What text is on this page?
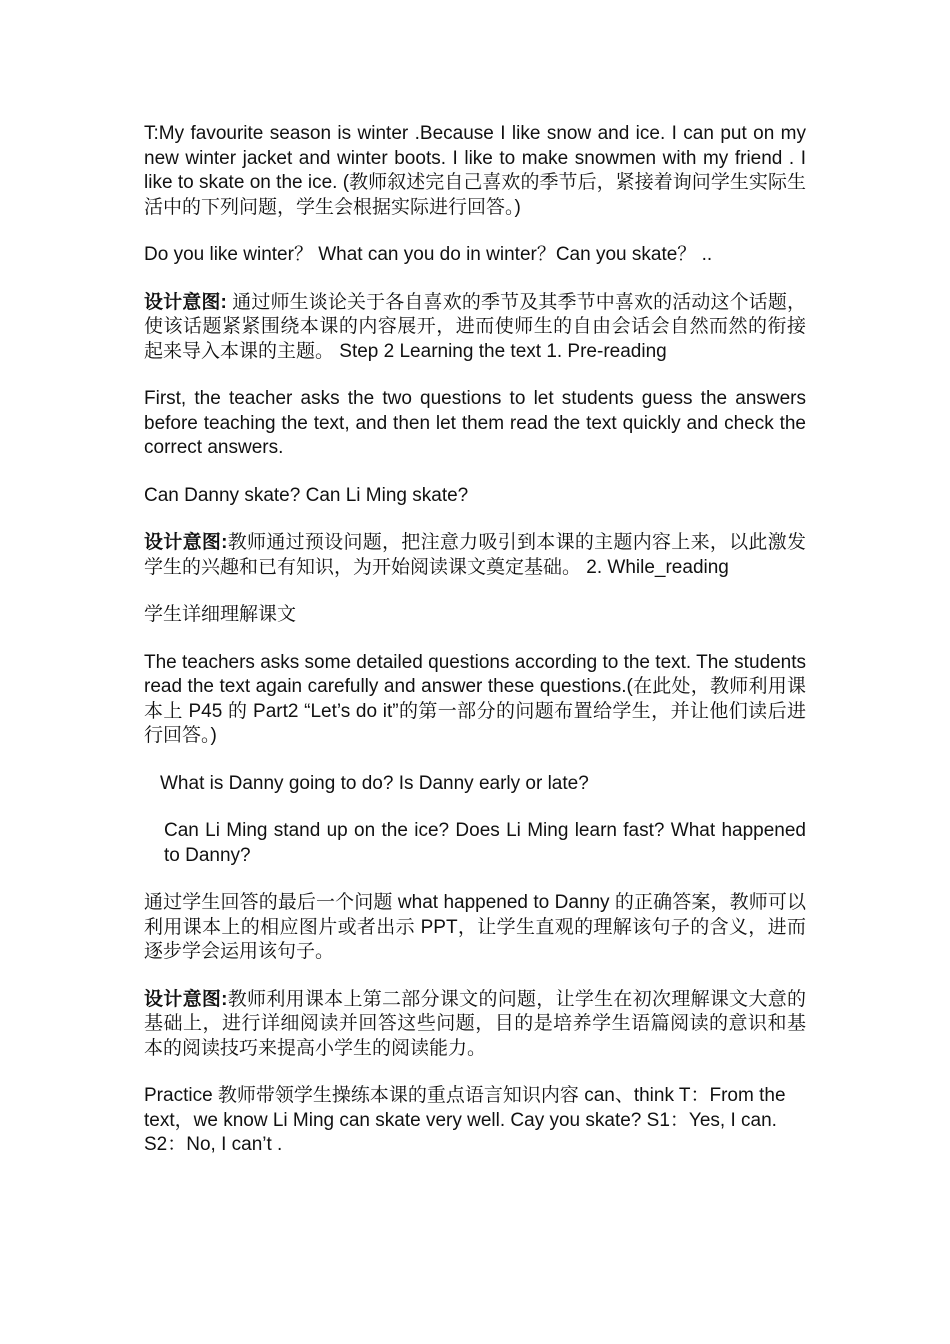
T:My favourite season is winter .Because I like snow and ice. I can put on my new winter jacket and winter boots. I like to make snowmen with my friend . I like to skate on the ice. (教师叙述完自己喜欢的季节后，紧接着询问学生实际生活中的下列问题，学生会根据实际进行回答。)

Do you like winter？ What can you do in winter？Can you skate？ ..

设计意图: 通过师生谈论关于各自喜欢的季节及其季节中喜欢的活动这个话题，使该话题紧紧围绕本课的内容展开，进而使师生的自由会话会自然而然的衔接起来导入本课的主题。 Step 2 Learning the text 1. Pre-reading

First, the teacher asks the two questions to let students guess the answers before teaching the text, and then let them read the text quickly and check the correct answers.

Can Danny skate? Can Li Ming skate?

设计意图:教师通过预设问题，把注意力吸引到本课的主题内容上来，以此激发学生的兴趣和已有知识，为开始阅读课文奠定基础。 2. While_reading

学生详细理解课文

The teachers asks some detailed questions according to the text. The students read the text again carefully and answer these questions.(在此处，教师利用课本上 P45 的 Part2 “Let’s do it”的第一部分的问题布置给学生，并让他们读后进行回答。)

What is Danny going to do? Is Danny early or late?

Can Li Ming stand up on the ice? Does Li Ming learn fast? What happened to Danny?

通过学生回答的最后一个问题 what happened to Danny 的正确答案，教师可以利用课本上的相应图片或者出示 PPT，让学生直观的理解该句子的含义，进而逐步学会运用该句子。

设计意图:教师利用课本上第二部分课文的问题，让学生在初次理解课文大意的基础上，进行详细阅读并回答这些问题，目的是培养学生语篇阅读的意识和基本的阅读技巧来提高小学生的阅读能力。

Practice 教师带领学生操练本课的重点语言知识内容 can、think T：From the text，we know Li Ming can skate very well. Cay you skate? S1：Yes, I can. S2：No, I can’t .
